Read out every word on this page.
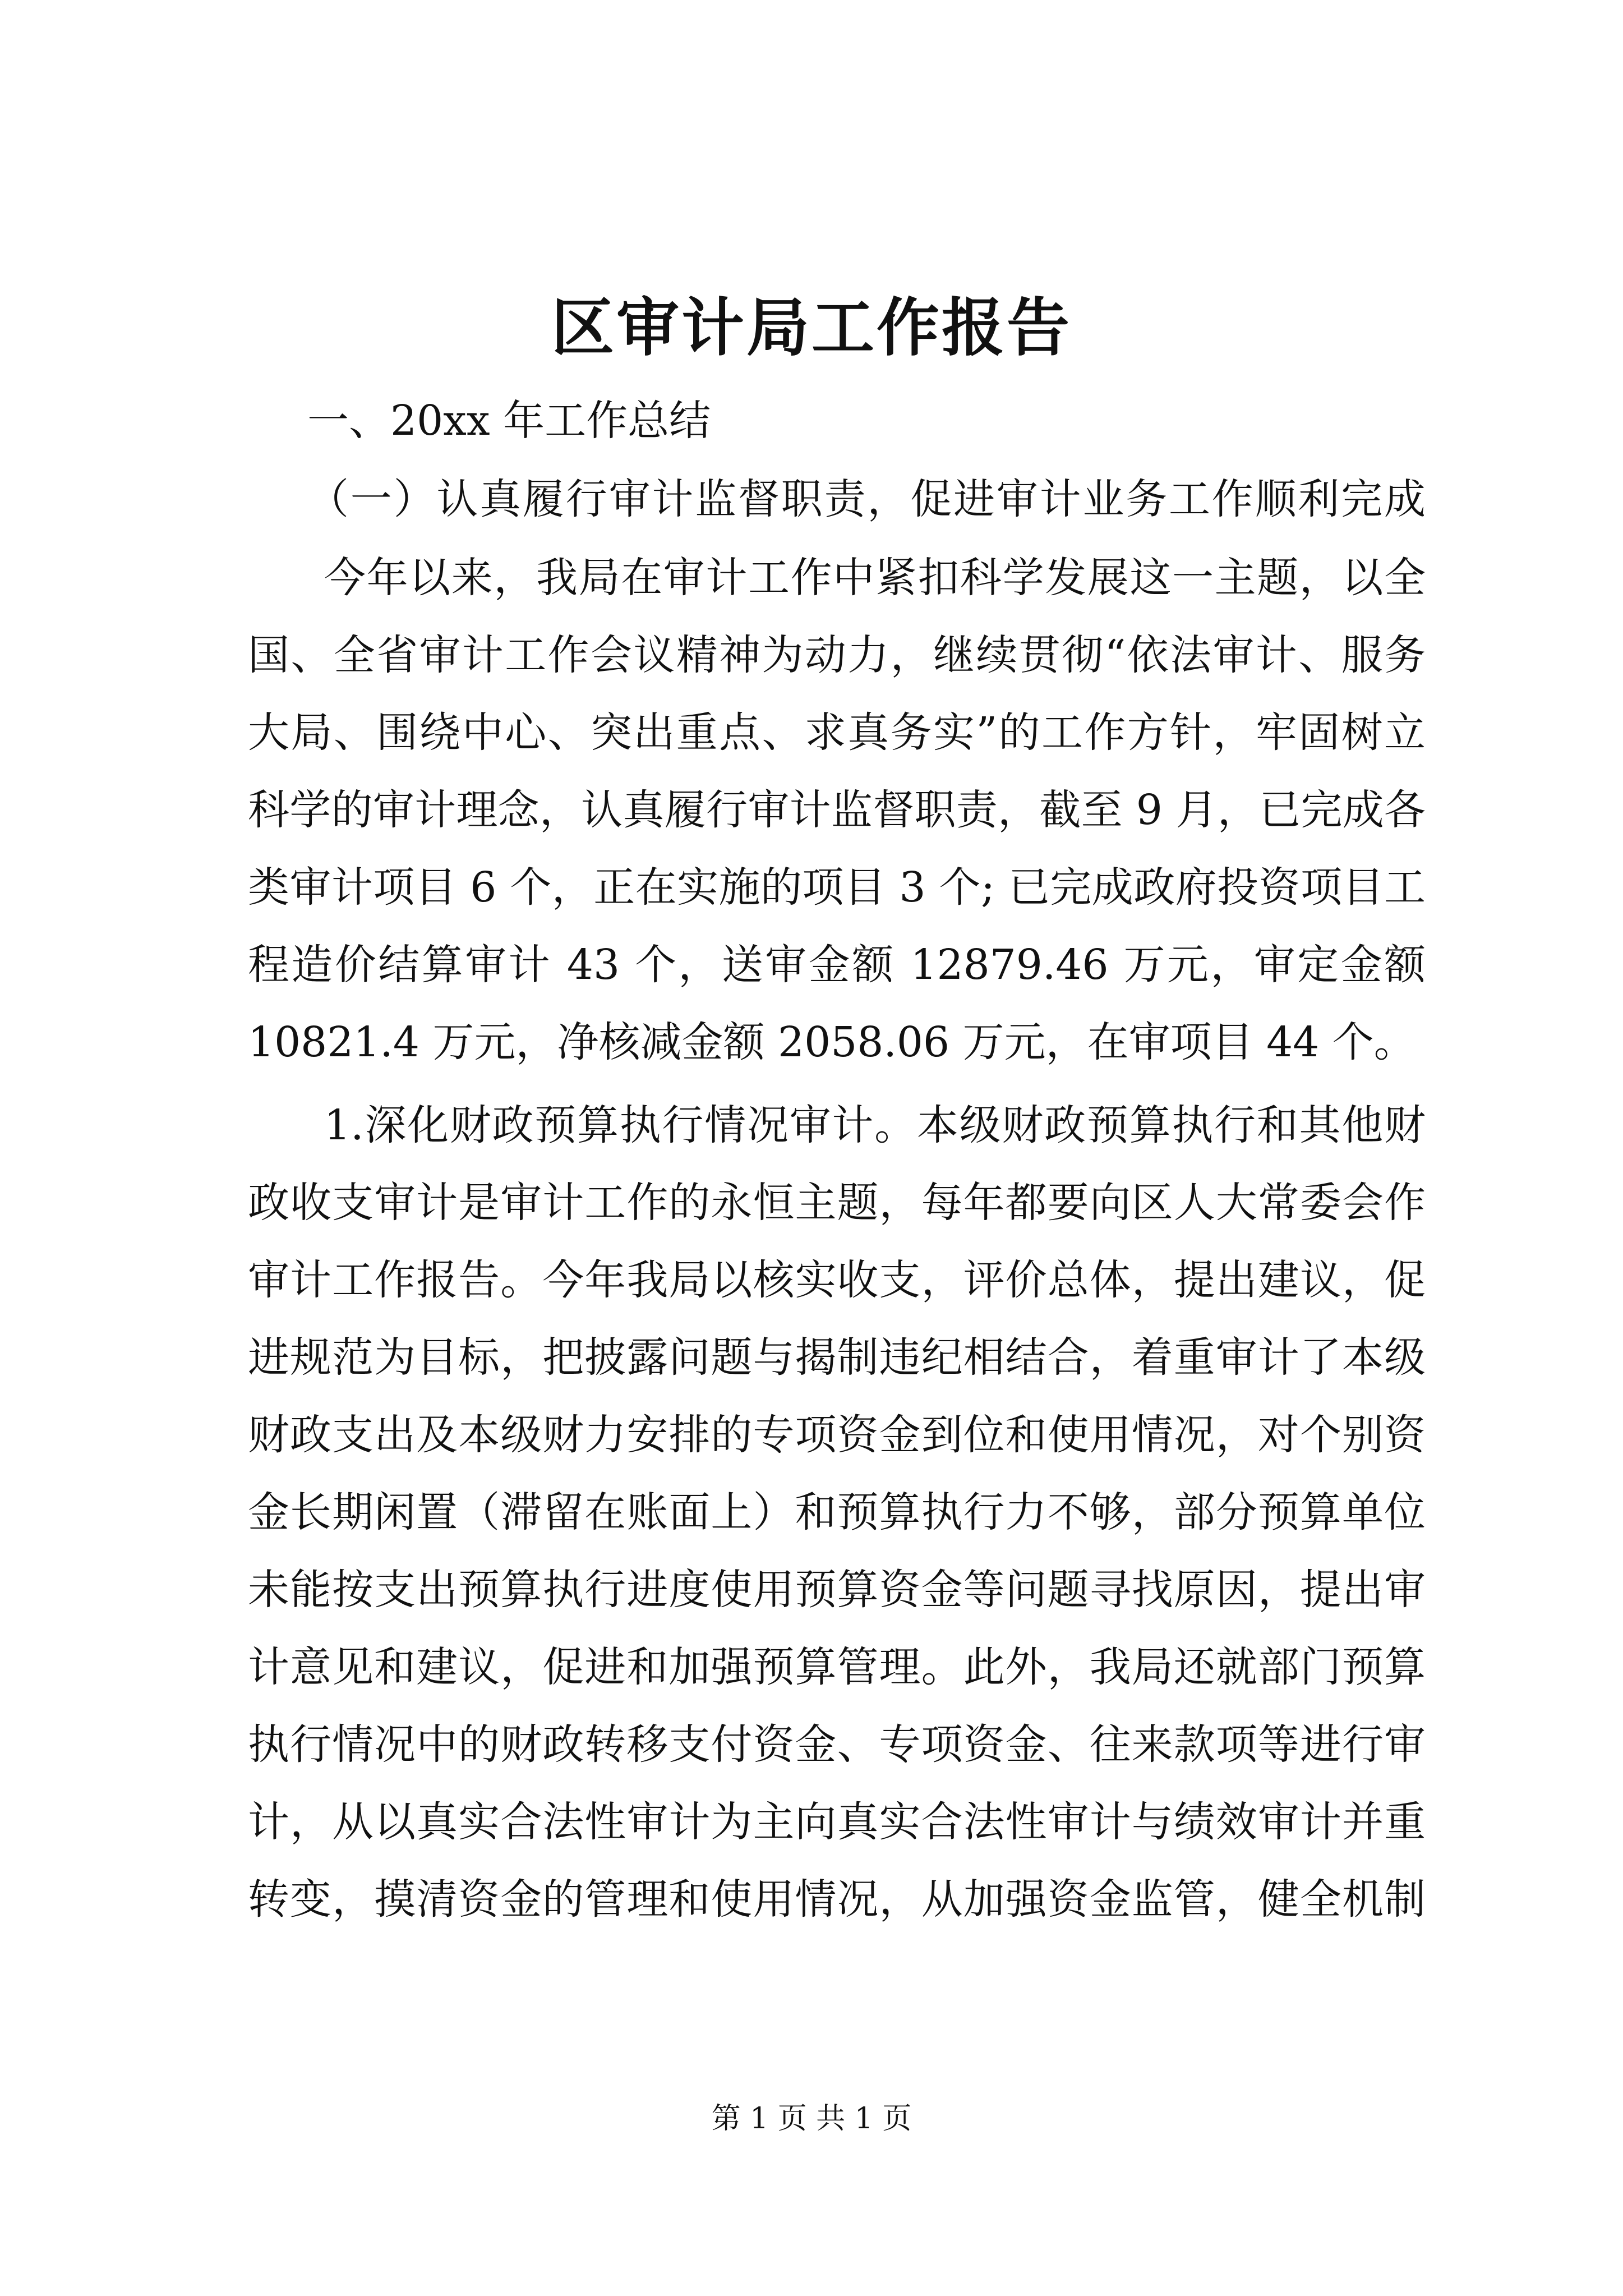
区审计局工作报告
一、20xx 年工作总结
（一）认真履行审计监督职责，促进审计业务工作顺利完成
今年以来，我局在审计工作中紧扣科学发展这一主题，以全
国、全省审计工作会议精神为动力，继续贯彻“依法审计、服务
大局、围绕中心、突出重点、求真务实”的工作方针，牢固树立
科学的审计理念，认真履行审计监督职责，截至 9 月，已完成各
类审计项目 6 个，正在实施的项目 3 个; 已完成政府投资项目工
程造价结算审计 43 个，送审金额 12879.46 万元，审定金额
10821.4 万元，净核减金额 2058.06 万元，在审项目 44 个。
1.深化财政预算执行情况审计。本级财政预算执行和其他财
政收支审计是审计工作的永恒主题，每年都要向区人大常委会作
审计工作报告。今年我局以核实收支，评价总体，提出建议，促
进规范为目标，把披露问题与揭制违纪相结合，着重审计了本级
财政支出及本级财力安排的专项资金到位和使用情况，对个别资
金长期闲置（滞留在账面上）和预算执行力不够，部分预算单位
未能按支出预算执行进度使用预算资金等问题寻找原因，提出审
计意见和建议，促进和加强预算管理。此外，我局还就部门预算
执行情况中的财政转移支付资金、专项资金、往来款项等进行审
计，从以真实合法性审计为主向真实合法性审计与绩效审计并重
转变，摸清资金的管理和使用情况，从加强资金监管，健全机制
第 1 页 共 1 页
